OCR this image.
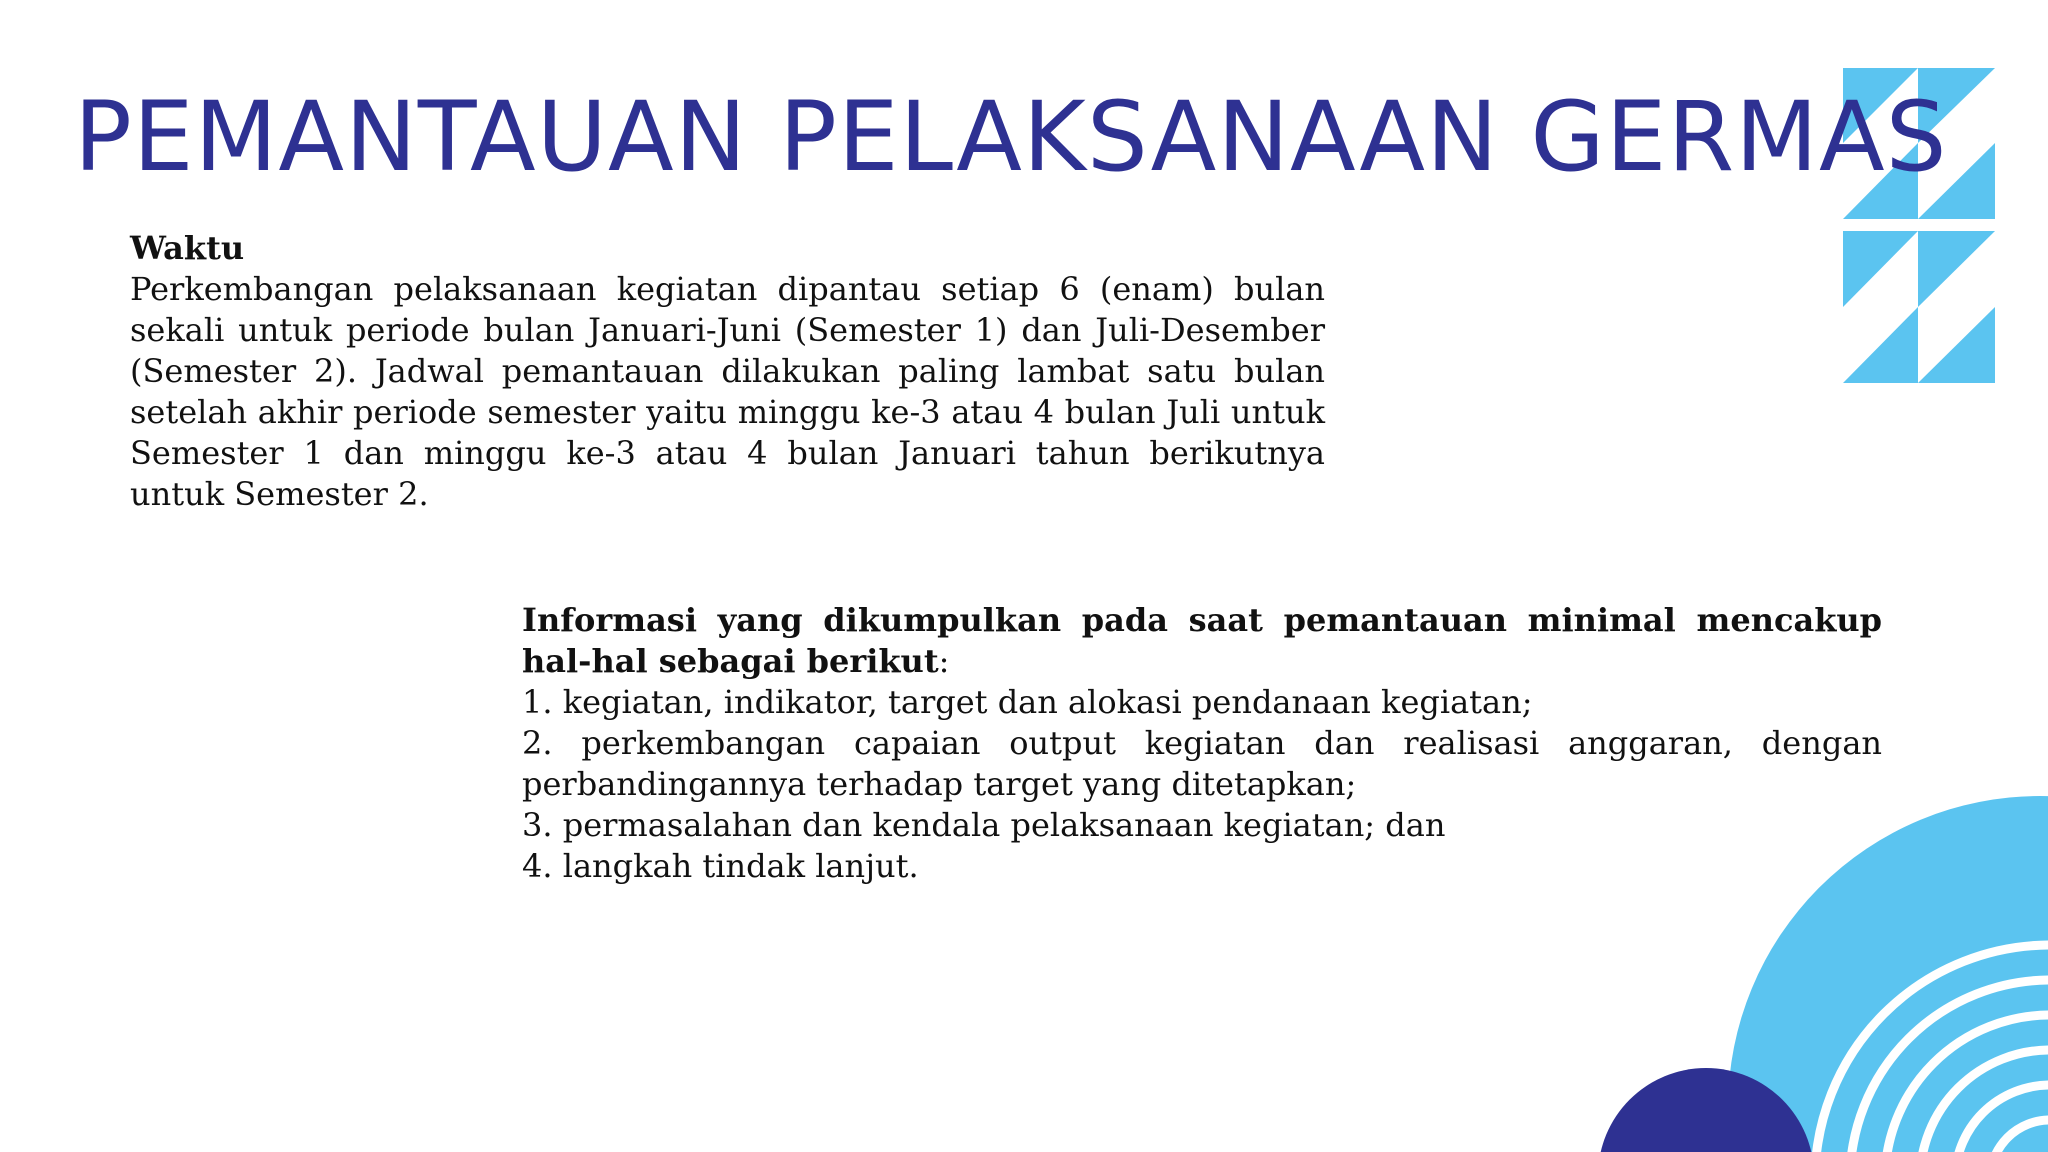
PEMANTAUAN PELAKSANAAN GERMAS

Waktu

Perkembangan pelaksanaan kegiatan dipantau setiap 6 (enam) bulan sekali untuk periode bulan Januari-Juni (Semester 1) dan Juli-Desember (Semester 2). Jadwal pemantauan dilakukan paling lambat satu bulan setelah akhir periode semester yaitu minggu ke-3 atau 4 bulan Juli untuk Semester 1 dan minggu ke-3 atau 4 bulan Januari tahun berikutnya untuk Semester 2.

Informasi yang dikumpulkan pada saat pemantauan minimal mencakup hal-hal sebagai berikut:

1. kegiatan, indikator, target dan alokasi pendanaan kegiatan;
2. perkembangan capaian output kegiatan dan realisasi anggaran, dengan perbandingannya terhadap target yang ditetapkan;
3. permasalahan dan kendala pelaksanaan kegiatan; dan
4. langkah tindak lanjut.
